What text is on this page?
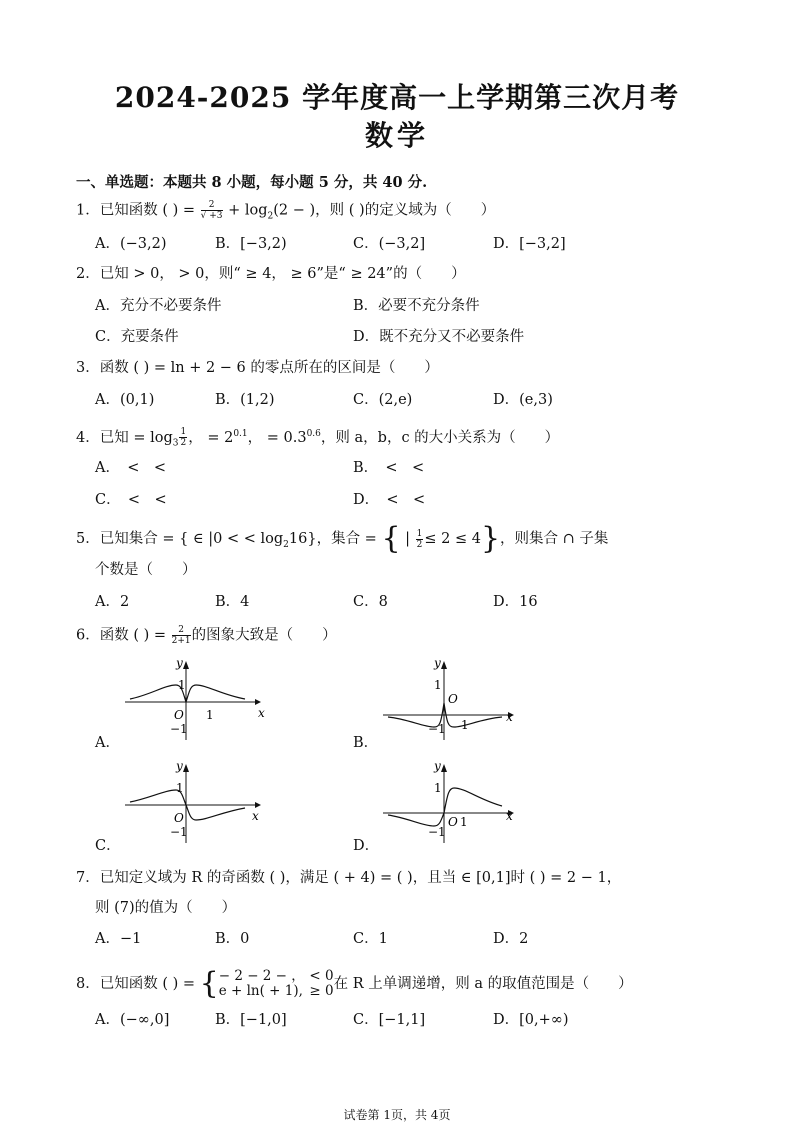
2024-2025 学年度高一上学期第三次月考
数学
一、单选题：本题共 8 小题，每小题 5 分，共 40 分.
1．已知函数 ( ) = $\frac{2}{√ +3} + \log_2(2$ − )，则 ( )的定义域为（　　）
A．(−3,2)	B．[−3,2)	C．(−3,2]	D．[−3,2]
2．已知 > 0， > 0，则“ ≥ 4， ≥ 6”是“ ≥ 24”的（　　）
A．充分不必要条件	B．必要不充分条件
C．充要条件	D．既不充分又不必要条件
3．函数 ( ) = ln + 2 − 6 的零点所在的区间是（　　）
A．(0,1)	B．(1,2)	C．(2,e)	D．(e,3)
4．已知 = $\log_3 \frac{1}{2}$ ， = $2^{0.1}$， = $0.3^{0.6}$，则 a，b，c 的大小关系为（　　）
A．　<　<	B．　<　<
C．　<　<	D．　<　<
5．已知集合 = { ∈ |0 < < $\log_216$}，集合 = { | $\frac{1}{2} \le 2 \le 4$}，则集合 ∩ 子集
个数是（　　）
A．2	B．4	C．8	D．16
6．函数 ( ) = $\frac{2}{2+1}$ 的图象大致是（　　）
y
x
O 1
1
−1
A．
y
x
O
1
1
−1
B．
y
x
O
1
−1
C．
y
x
O 1
1
−1
D．
7．已知定义域为 R 的奇函数 ( )，满足 ( + 4) = ( )，且当 ∈ [0,1]时 ( ) = 2 − 1，
则 (7)的值为（　　）
A．−1	B．0	C．1	D．2
8．已知函数 ( ) = { − 2 − 2 − ，
e + ln( + 1),

< 0
≥ 0 在 R 上单调递增，则 a 的取值范围是（　　）
A．(−∞,0]	B．[−1,0]	C．[−1,1]	D．[0,+∞)
试卷第 1页，共 4页
